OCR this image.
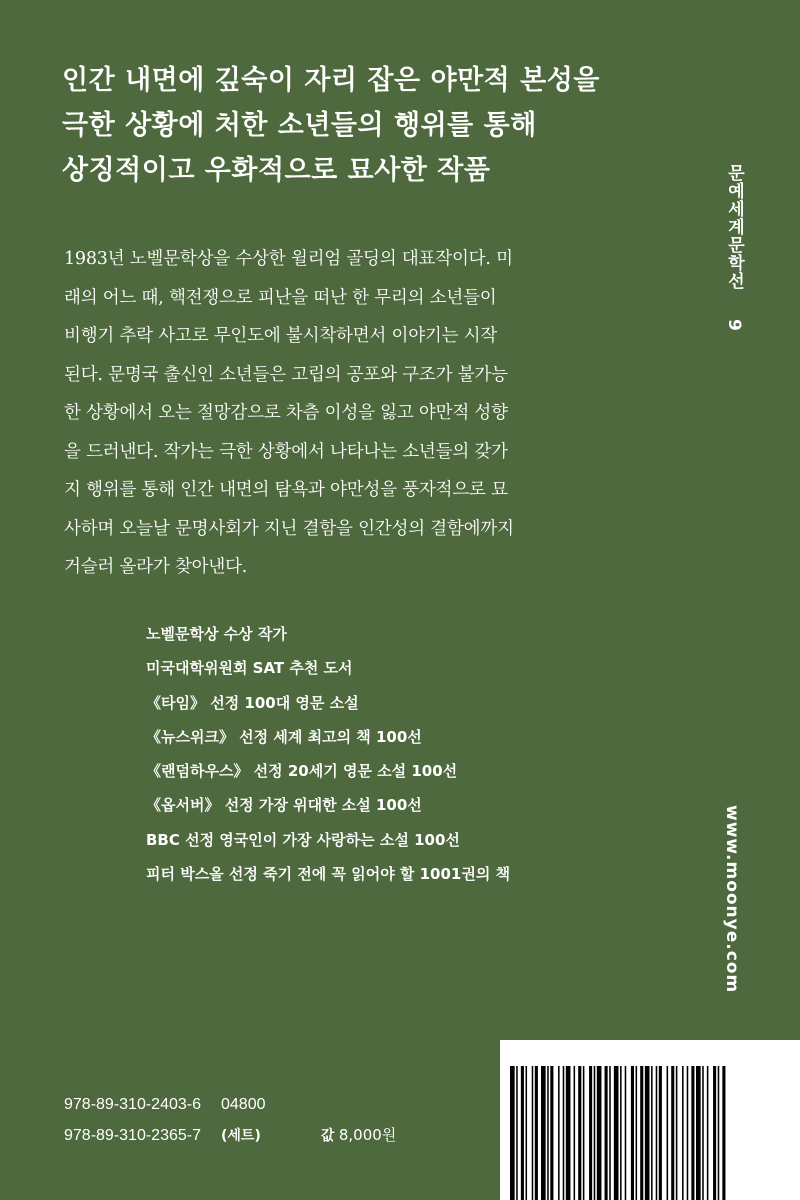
인간 내면에 깊숙이 자리 잡은 야만적 본성을
극한 상황에 처한 소년들의 행위를 통해
상징적이고 우화적으로 묘사한 작품	문예세계문학선 9

1983년 노벨문학상을 수상한 윌리엄 골딩의 대표작이다. 미
래의 어느 때, 핵전쟁으로 피난을 떠난 한 무리의 소년들이
비행기 추락 사고로 무인도에 불시착하면서 이야기는 시작
된다. 문명국 출신인 소년들은 고립의 공포와 구조가 불가능
한 상황에서 오는 절망감으로 차츰 이성을 잃고 야만적 성향
을 드러낸다. 작가는 극한 상황에서 나타나는 소년들의 갖가
지 행위를 통해 인간 내면의 탐욕과 야만성을 풍자적으로 묘
사하며 오늘날 문명사회가 지닌 결함을 인간성의 결함에까지
거슬러 올라가 찾아낸다.

노벨문학상 수상 작가
미국대학위원회 SAT 추천 도서
《타임》 선정 100대 영문 소설
《뉴스위크》 선정 세계 최고의 책 100선
《랜덤하우스》 선정 20세기 영문 소설 100선
《옵서버》 선정 가장 위대한 소설 100선
BBC 선정 영국인이 가장 사랑하는 소설 100선
피터 박스올 선정 죽기 전에 꼭 읽어야 할 1001권의 책	www.moonye.com
978-89-310-2403-6 04800
978-89-310-2365-7 (세트)	값 8,000원
